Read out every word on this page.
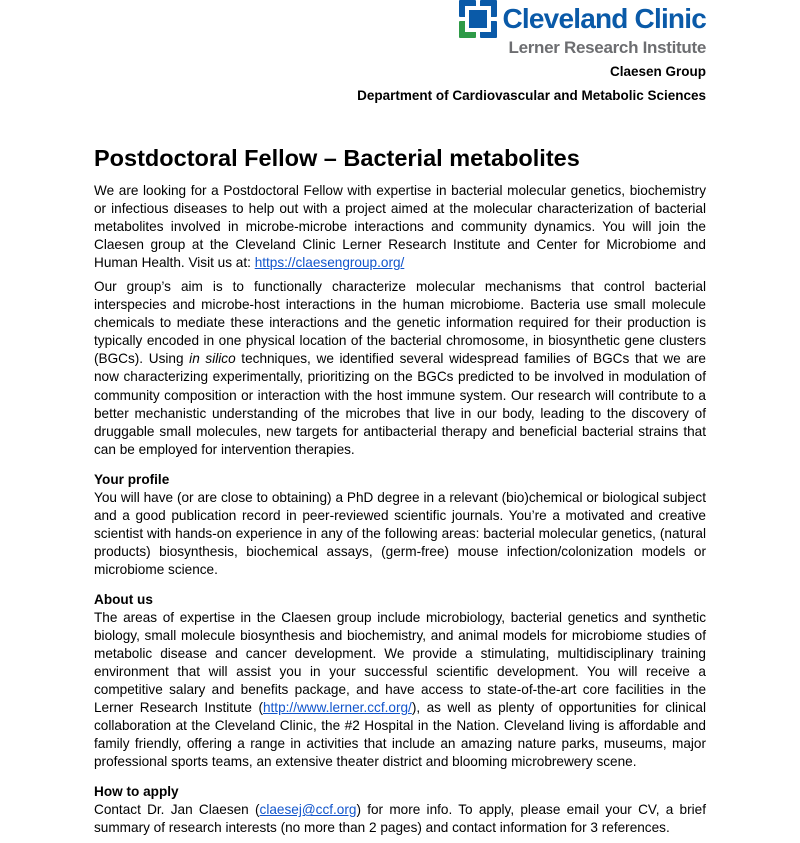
Cleveland Clinic
Lerner Research Institute
Claesen Group
Department of Cardiovascular and Metabolic Sciences
Postdoctoral Fellow – Bacterial metabolites

We are looking for a Postdoctoral Fellow with expertise in bacterial molecular genetics, biochemistry or infectious diseases to help out with a project aimed at the molecular characterization of bacterial metabolites involved in microbe-microbe interactions and community dynamics. You will join the Claesen group at the Cleveland Clinic Lerner Research Institute and Center for Microbiome and Human Health. Visit us at: https://claesengroup.org/

Our group’s aim is to functionally characterize molecular mechanisms that control bacterial interspecies and microbe-host interactions in the human microbiome. Bacteria use small molecule chemicals to mediate these interactions and the genetic information required for their production is typically encoded in one physical location of the bacterial chromosome, in biosynthetic gene clusters (BGCs). Using in silico techniques, we identified several widespread families of BGCs that we are now characterizing experimentally, prioritizing on the BGCs predicted to be involved in modulation of community composition or interaction with the host immune system. Our research will contribute to a better mechanistic understanding of the microbes that live in our body, leading to the discovery of druggable small molecules, new targets for antibacterial therapy and beneficial bacterial strains that can be employed for intervention therapies.

Your profile

You will have (or are close to obtaining) a PhD degree in a relevant (bio)chemical or biological subject and a good publication record in peer-reviewed scientific journals. You’re a motivated and creative scientist with hands-on experience in any of the following areas: bacterial molecular genetics, (natural products) biosynthesis, biochemical assays, (germ-free) mouse infection/colonization models or microbiome science.

About us

The areas of expertise in the Claesen group include microbiology, bacterial genetics and synthetic biology, small molecule biosynthesis and biochemistry, and animal models for microbiome studies of metabolic disease and cancer development. We provide a stimulating, multidisciplinary training environment that will assist you in your successful scientific development. You will receive a competitive salary and benefits package, and have access to state-of-the-art core facilities in the Lerner Research Institute (http://www.lerner.ccf.org/), as well as plenty of opportunities for clinical collaboration at the Cleveland Clinic, the #2 Hospital in the Nation. Cleveland living is affordable and family friendly, offering a range in activities that include an amazing nature parks, museums, major professional sports teams, an extensive theater district and blooming microbrewery scene.

How to apply

Contact Dr. Jan Claesen (claesej@ccf.org) for more info. To apply, please email your CV, a brief summary of research interests (no more than 2 pages) and contact information for 3 references.
